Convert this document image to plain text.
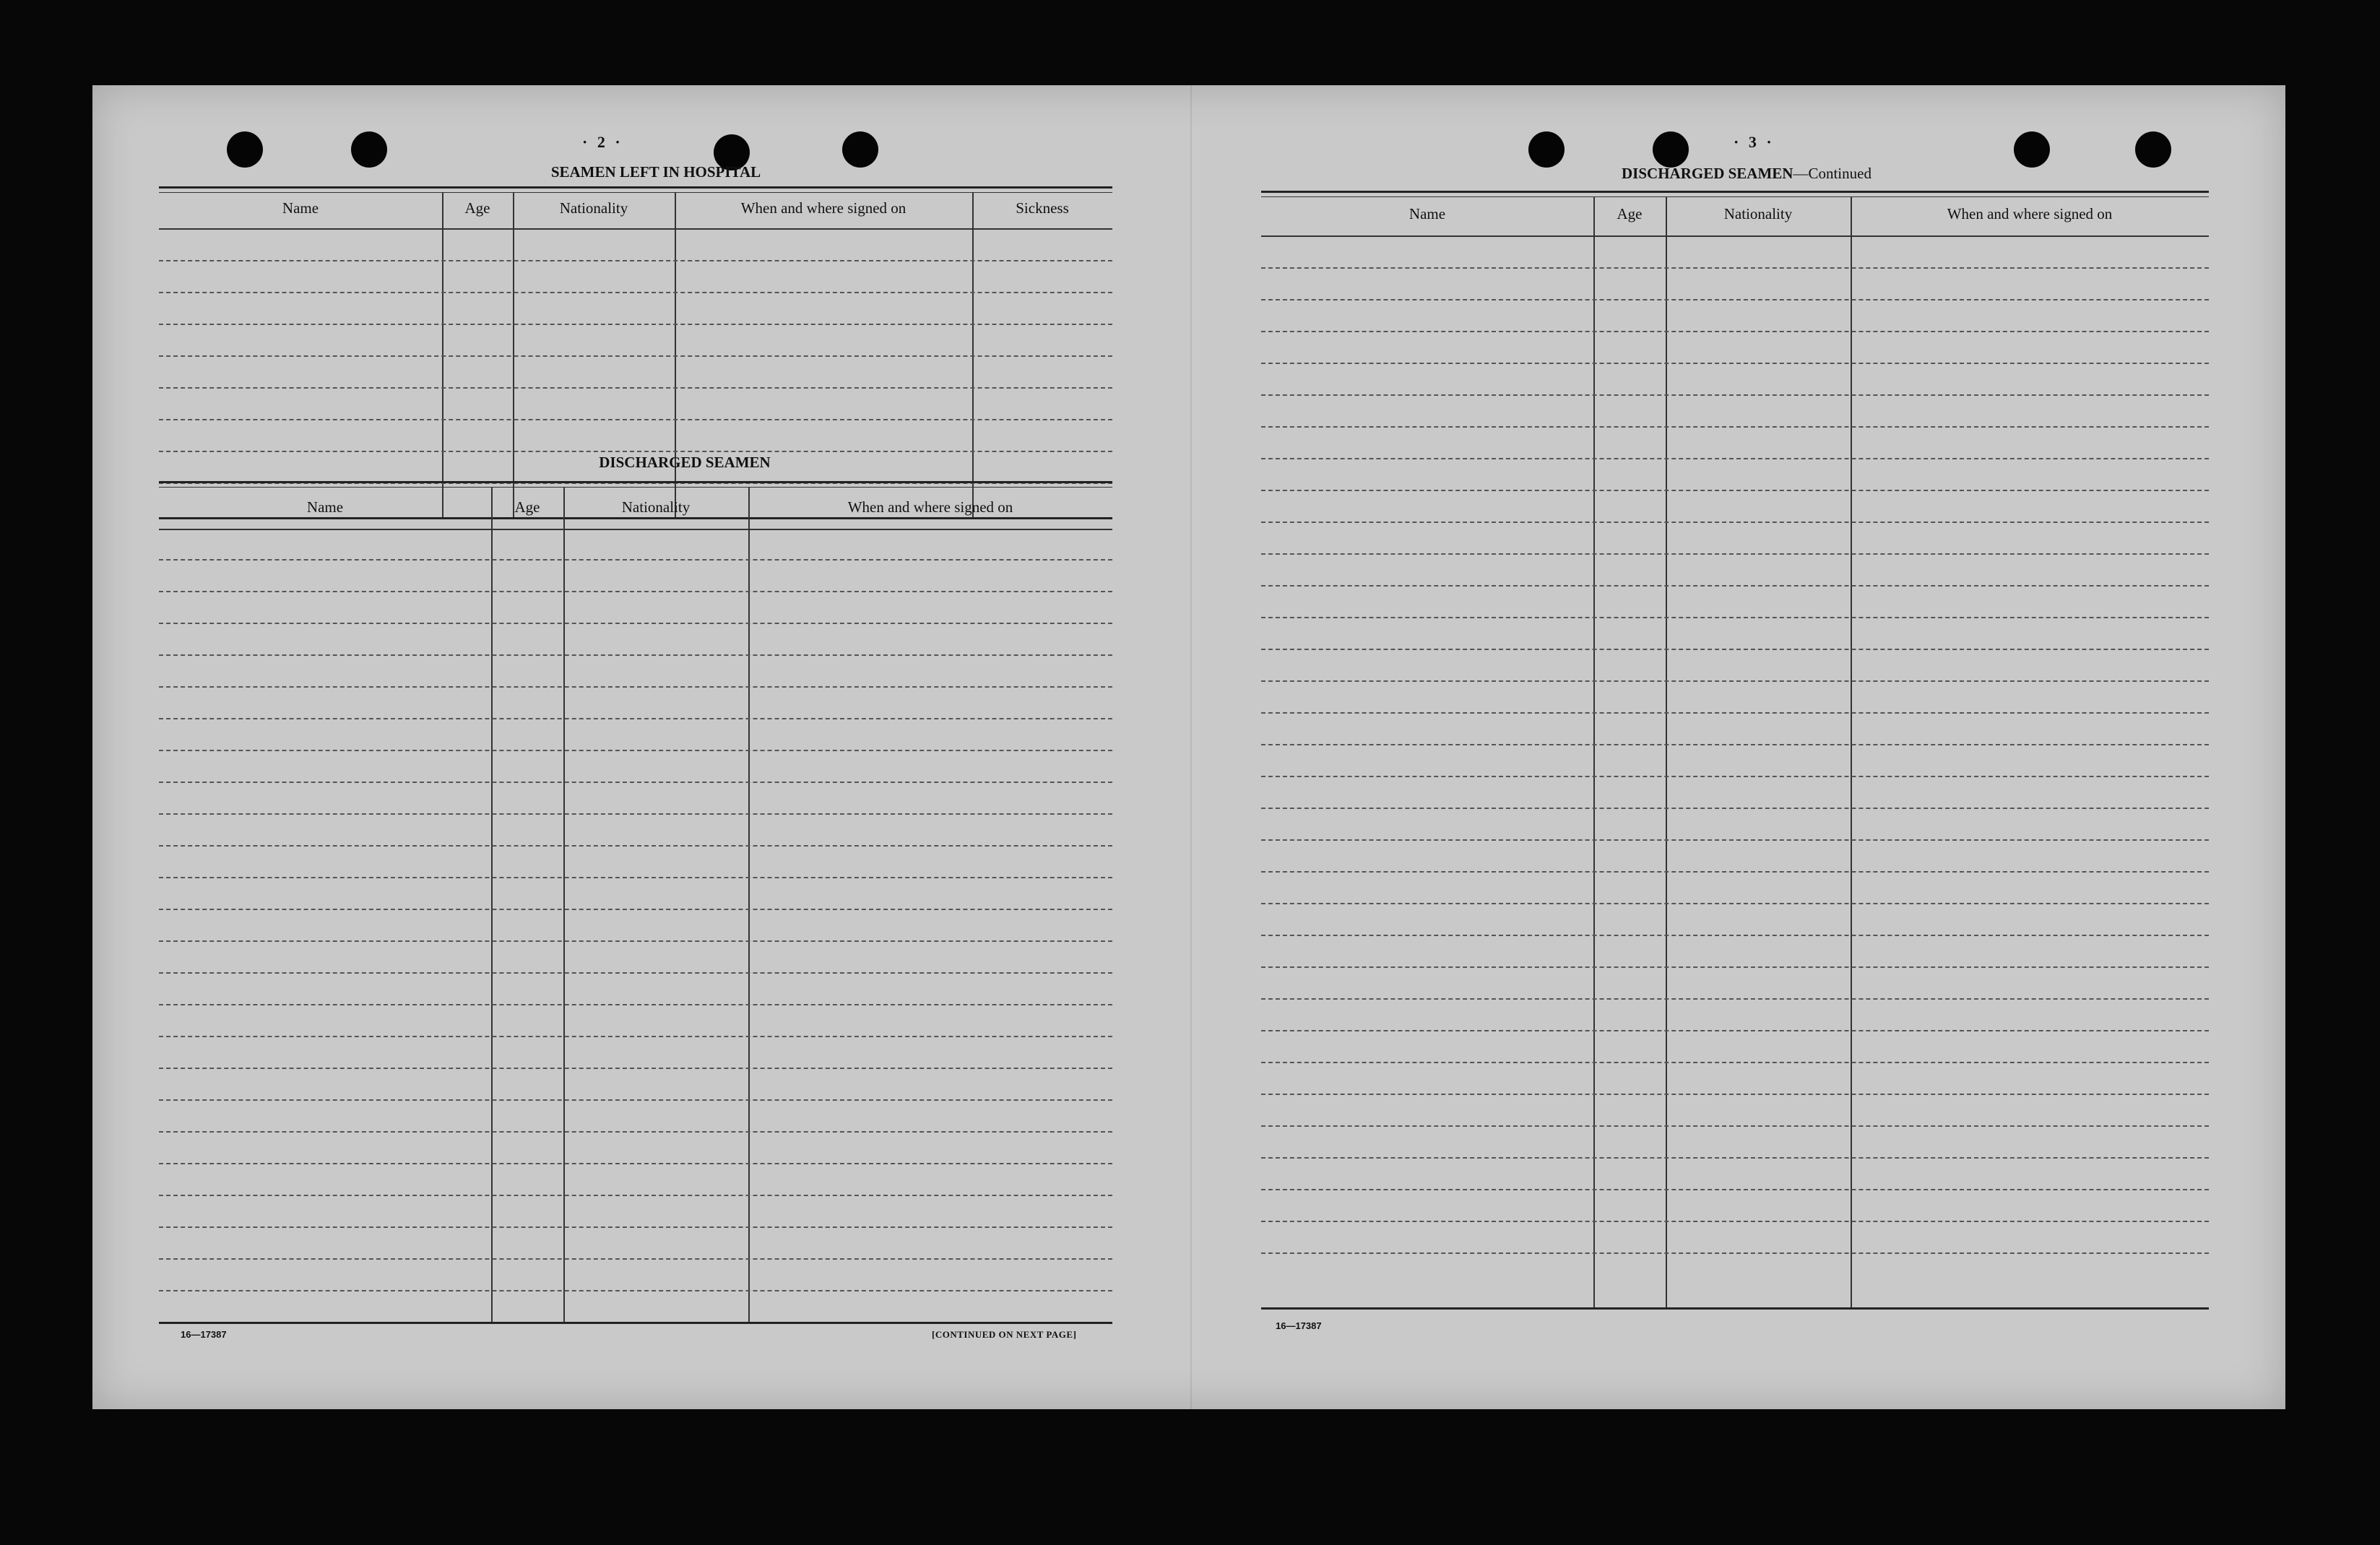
· 2 ·
SEAMEN LEFT IN HOSPITAL
Name	Age	Nationality	When and where signed on	Sickness
DISCHARGED SEAMEN
Name	Age	Nationality	When and where signed on
16—17387	[CONTINUED ON NEXT PAGE]
· 3 ·
DISCHARGED SEAMEN—Continued
Name	Age	Nationality	When and where signed on
16—17387
